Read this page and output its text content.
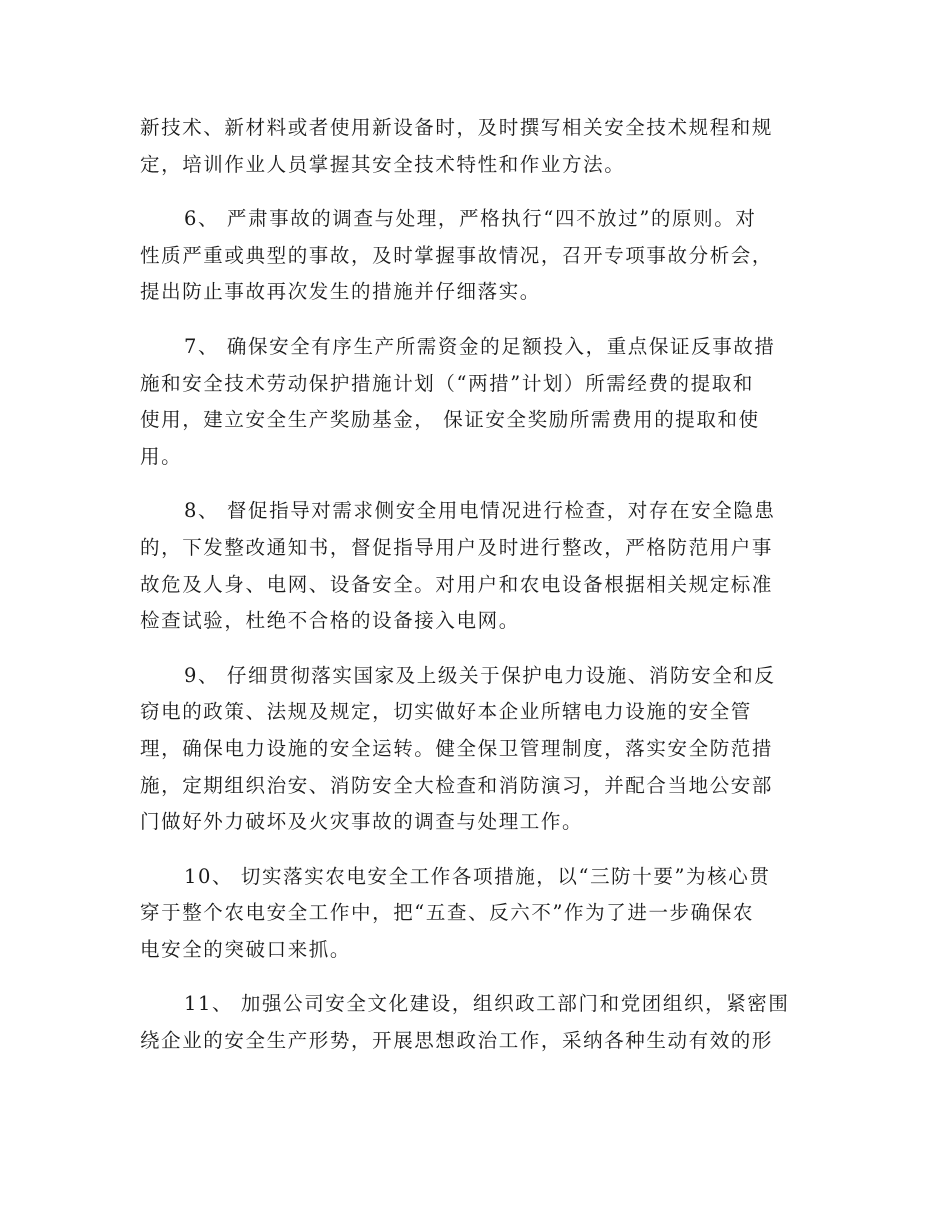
新技术、新材料或者使用新设备时，及时撰写相关安全技术规程和规
定，培训作业人员掌握其安全技术特性和作业方法。
6、 严肃事故的调查与处理，严格执行“四不放过”的原则。对
性质严重或典型的事故，及时掌握事故情况，召开专项事故分析会，
提出防止事故再次发生的措施并仔细落实。
7、 确保安全有序生产所需资金的足额投入，重点保证反事故措
施和安全技术劳动保护措施计划（“两措”计划）所需经费的提取和
使用，建立安全生产奖励基金， 保证安全奖励所需费用的提取和使
用。
8、 督促指导对需求侧安全用电情况进行检查，对存在安全隐患
的，下发整改通知书，督促指导用户及时进行整改，严格防范用户事
故危及人身、电网、设备安全。对用户和农电设备根据相关规定标准
检查试验，杜绝不合格的设备接入电网。
9、 仔细贯彻落实国家及上级关于保护电力设施、消防安全和反
窃电的政策、法规及规定，切实做好本企业所辖电力设施的安全管
理，确保电力设施的安全运转。健全保卫管理制度，落实安全防范措
施，定期组织治安、消防安全大检查和消防演习，并配合当地公安部
门做好外力破坏及火灾事故的调查与处理工作。
10、 切实落实农电安全工作各项措施，以“三防十要”为核心贯
穿于整个农电安全工作中，把“五查、反六不”作为了进一步确保农
电安全的突破口来抓。
11、 加强公司安全文化建设，组织政工部门和党团组织，紧密围
绕企业的安全生产形势，开展思想政治工作，采纳各种生动有效的形
